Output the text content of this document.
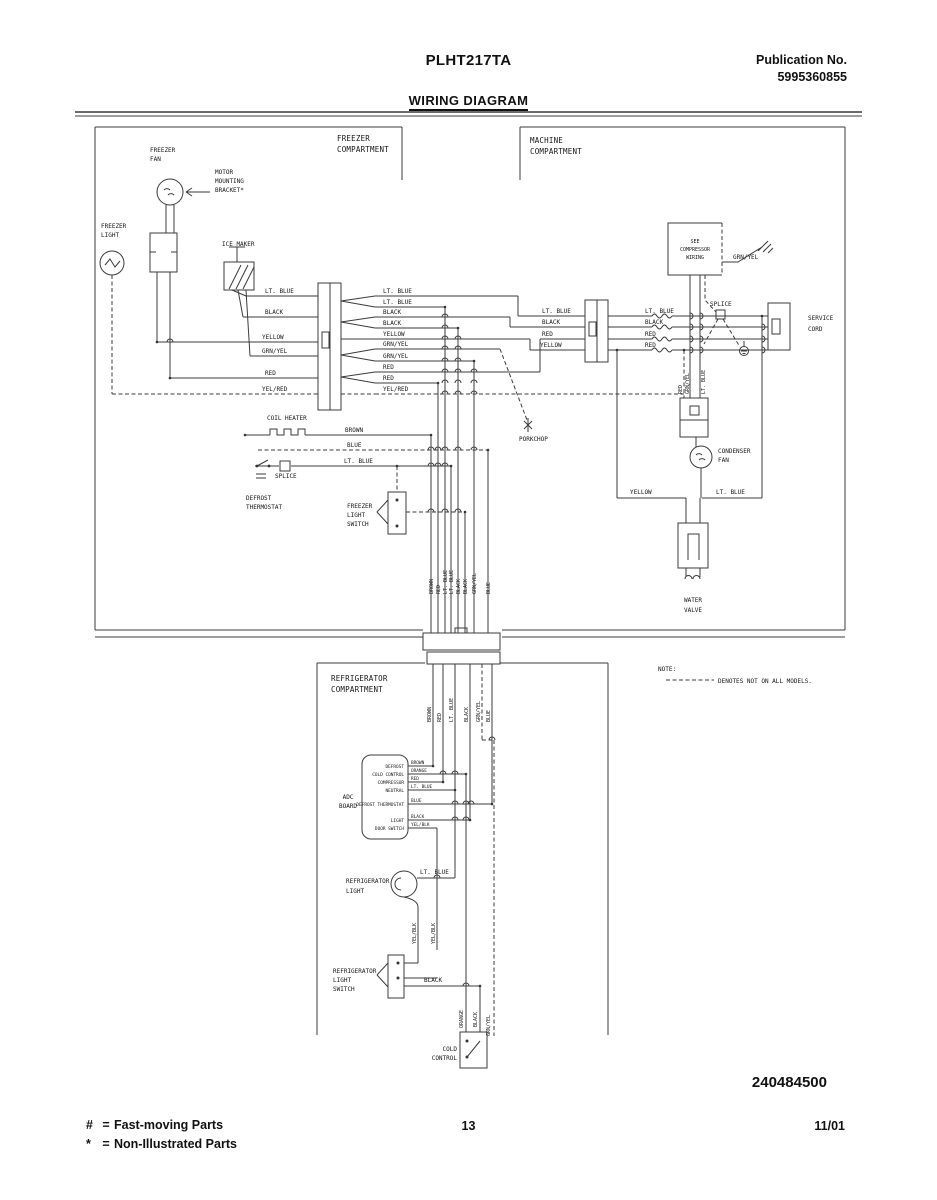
PLHT217TA	Publication No.
5995360855
WIRING DIAGRAM
FREEZER
COMPARTMENT
MACHINE
COMPARTMENT
REFRIGERATOR
COMPARTMENT
FREEZER
FAN
MOTOR
MOUNTING
BRACKET*
FREEZER
LIGHT
ICE MAKER
LT. BLUE
BLACK
YELLOW
GRN/YEL
RED
YEL/RED
LT. BLUE
LT. BLUE
BLACK
BLACK
YELLOW
GRN/YEL
GRN/YEL
RED
RED
YEL/RED
COIL HEATER
BROWN
BLUE
LT. BLUE
SPLICE
DEFROST
THERMOSTAT	FREEZER
LIGHT
SWITCH
PORKCHOP
LT. BLUE
BLACK
RED
YELLOW
LT. BLUE
BLACK
RED
RED
SPLICE
SEE
COMPRESSOR
WIRING	GRN/YEL
SERVICE
CORD
RED GRN/YEL LT. BLUE
CONDENSER
FAN
YELLOW	LT. BLUE
WATER
VALVE
BROWN RED LT. BLUE LT. BLUE BLACK BLACK GRN/YEL BLUE
BROWN RED LT. BLUE BLACK GRN/YEL BLUE
NOTE:
DENOTES NOT ON ALL MODELS.
ADC
BOARD
DEFROST
COLD CONTROL
COMPRESSOR
NEUTRAL
DEFROST THERMOSTAT
LIGHT
DOOR SWITCH
BROWN
ORANGE
RED
LT. BLUE
BLUE
BLACK
YEL/BLK
REFRIGERATOR
LIGHT
LT. BLUE
YEL/BLK	YEL/BLK
REFRIGERATOR
LIGHT
SWITCH
BLACK
COLD
CONTROL
ORANGE BLACK GRN/YEL
240484500
# = Fast-moving Parts
* = Non-Illustrated Parts
13	11/01
